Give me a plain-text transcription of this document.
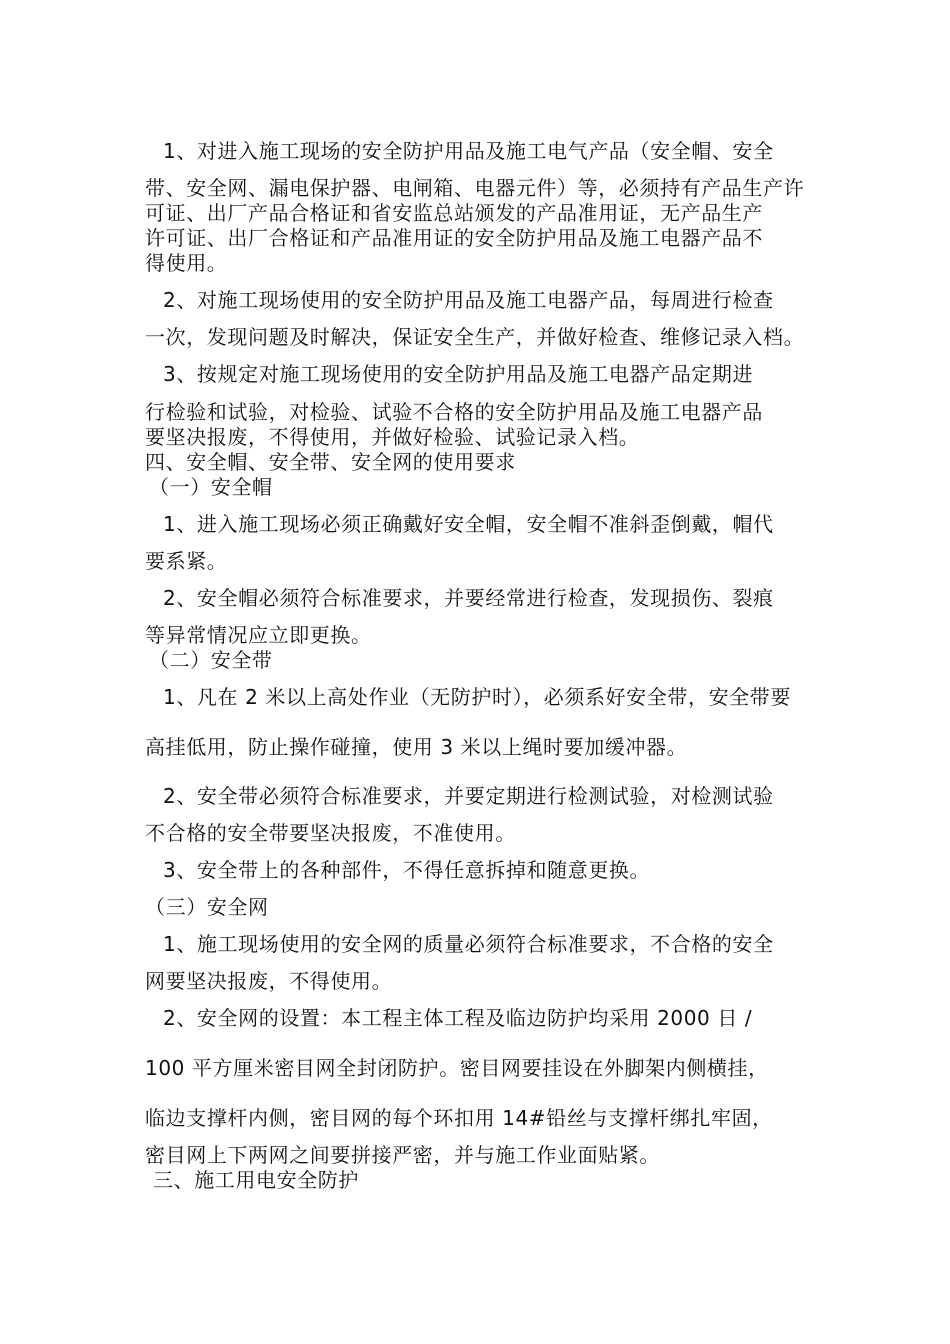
1、对进入施工现场的安全防护用品及施工电气产品（安全帽、安全
带、安全网、漏电保护器、电闸箱、电器元件）等，必须持有产品生产许
可证、出厂产品合格证和省安监总站颁发的产品准用证，无产品生产
许可证、出厂合格证和产品准用证的安全防护用品及施工电器产品不
得使用。
2、对施工现场使用的安全防护用品及施工电器产品，每周进行检查
一次，发现问题及时解决，保证安全生产，并做好检查、维修记录入档。
3、按规定对施工现场使用的安全防护用品及施工电器产品定期进
行检验和试验，对检验、试验不合格的安全防护用品及施工电器产品
要坚决报废，不得使用，并做好检验、试验记录入档。
四、安全帽、安全带、安全网的使用要求
（一）安全帽
1、进入施工现场必须正确戴好安全帽，安全帽不准斜歪倒戴，帽代
要系紧。
2、安全帽必须符合标准要求，并要经常进行检查，发现损伤、裂痕
等异常情况应立即更换。
（二）安全带
1、凡在 2 米以上高处作业（无防护时），必须系好安全带，安全带要
高挂低用，防止操作碰撞，使用 3 米以上绳时要加缓冲器。
2、安全带必须符合标准要求，并要定期进行检测试验，对检测试验
不合格的安全带要坚决报废，不准使用。
3、安全带上的各种部件，不得任意拆掉和随意更换。
（三）安全网
1、施工现场使用的安全网的质量必须符合标准要求，不合格的安全
网要坚决报废，不得使用。
2、安全网的设置：本工程主体工程及临边防护均采用 2000 日 /
100 平方厘米密目网全封闭防护。密目网要挂设在外脚架内侧横挂，
临边支撑杆内侧，密目网的每个环扣用 14#铅丝与支撑杆绑扎牢固，
密目网上下两网之间要拼接严密，并与施工作业面贴紧。
三、施工用电安全防护
